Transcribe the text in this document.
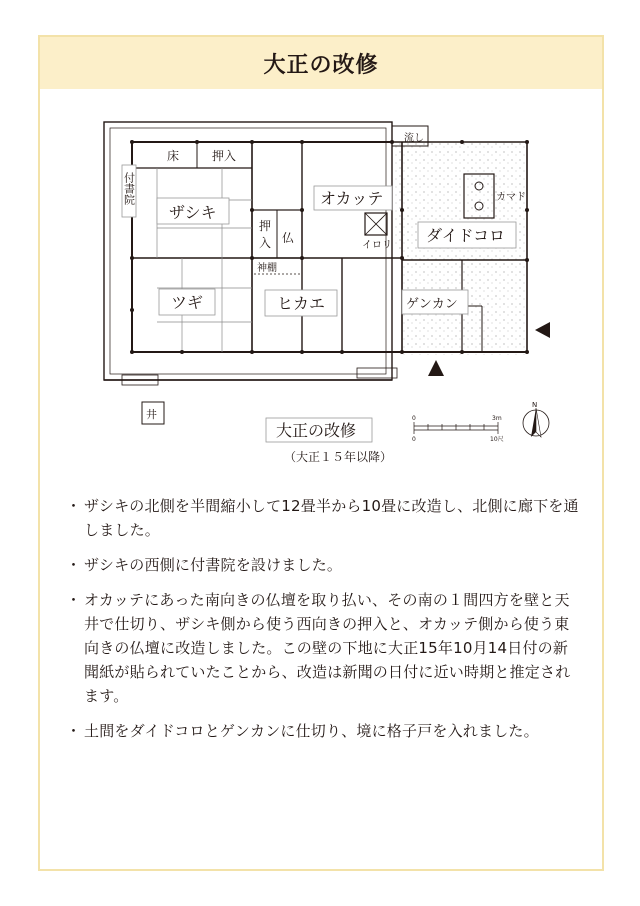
大正の改修
床	押入
付書院
ザシキ
オカッテ
流し
カマド
ダイドコロ
押
入 仏
イロリ
神棚
ツギ	ヒカエ	ゲンカン
井
大正の改修
0	3m
0	10尺
N
（大正１５年以降）
・ ザシキの北側を半間縮小して12畳半から10畳に改造し、北側に廊下を通しました。
・ ザシキの西側に付書院を設けました。
・ オカッテにあった南向きの仏壇を取り払い、その南の１間四方を壁と天井で仕切り、ザシキ側から使う西向きの押入と、オカッテ側から使う東向きの仏壇に改造しました。この壁の下地に大正15年10月14日付の新聞紙が貼られていたことから、改造は新聞の日付に近い時期と推定されます。
・ 土間をダイドコロとゲンカンに仕切り、境に格子戸を入れました。
